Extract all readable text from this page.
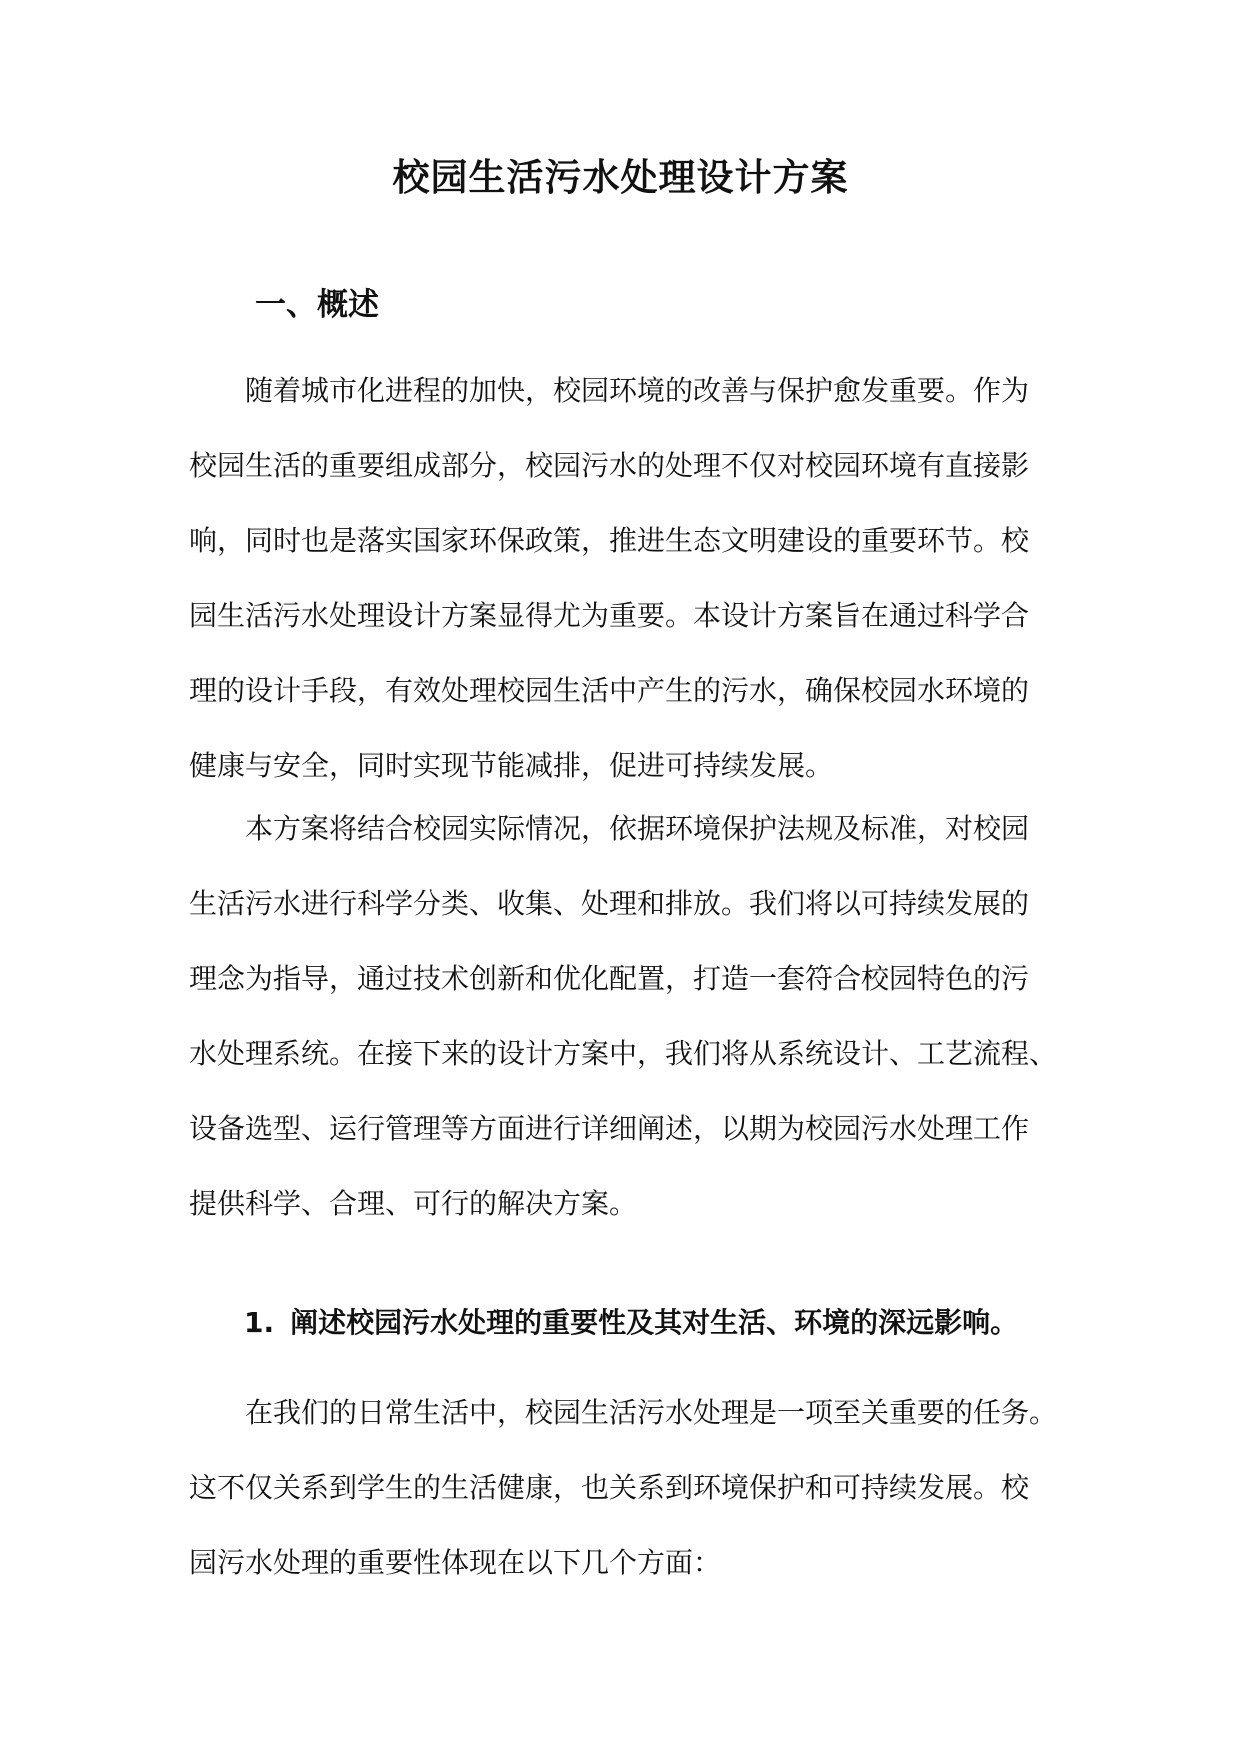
校园生活污水处理设计方案
一、概述
随着城市化进程的加快，校园环境的改善与保护愈发重要。作为
校园生活的重要组成部分，校园污水的处理不仅对校园环境有直接影
响，同时也是落实国家环保政策，推进生态文明建设的重要环节。校
园生活污水处理设计方案显得尤为重要。本设计方案旨在通过科学合
理的设计手段，有效处理校园生活中产生的污水，确保校园水环境的
健康与安全，同时实现节能减排，促进可持续发展。
本方案将结合校园实际情况，依据环境保护法规及标准，对校园
生活污水进行科学分类、收集、处理和排放。我们将以可持续发展的
理念为指导，通过技术创新和优化配置，打造一套符合校园特色的污
水处理系统。在接下来的设计方案中，我们将从系统设计、工艺流程、
设备选型、运行管理等方面进行详细阐述，以期为校园污水处理工作
提供科学、合理、可行的解决方案。
1. 阐述校园污水处理的重要性及其对生活、环境的深远影响。
在我们的日常生活中，校园生活污水处理是一项至关重要的任务。
这不仅关系到学生的生活健康，也关系到环境保护和可持续发展。校
园污水处理的重要性体现在以下几个方面：
